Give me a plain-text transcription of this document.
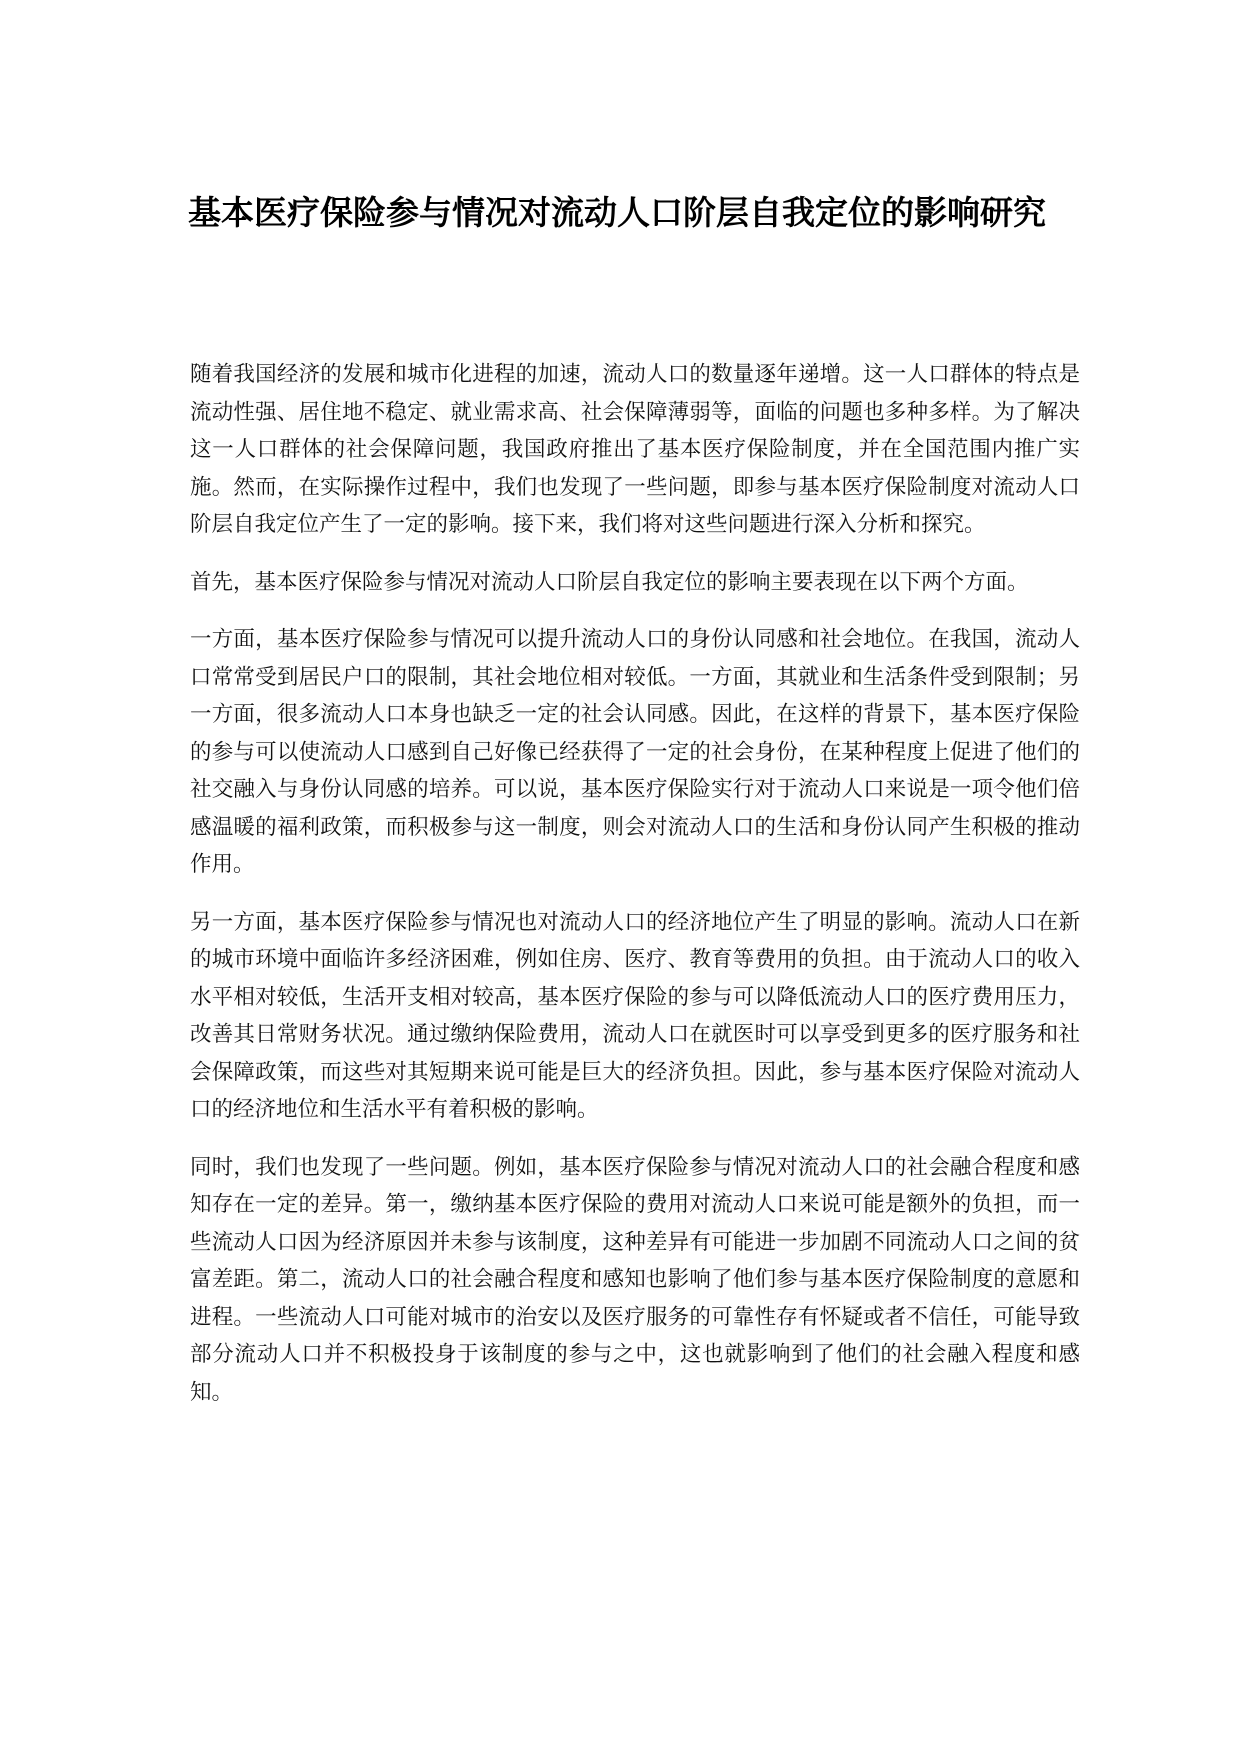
基本医疗保险参与情况对流动人口阶层自我定位的影响研究

随着我国经济的发展和城市化进程的加速，流动人口的数量逐年递增。这一人口群体的特点是流动性强、居住地不稳定、就业需求高、社会保障薄弱等，面临的问题也多种多样。为了解决这一人口群体的社会保障问题，我国政府推出了基本医疗保险制度，并在全国范围内推广实施。然而，在实际操作过程中，我们也发现了一些问题，即参与基本医疗保险制度对流动人口阶层自我定位产生了一定的影响。接下来，我们将对这些问题进行深入分析和探究。

首先，基本医疗保险参与情况对流动人口阶层自我定位的影响主要表现在以下两个方面。

一方面，基本医疗保险参与情况可以提升流动人口的身份认同感和社会地位。在我国，流动人口常常受到居民户口的限制，其社会地位相对较低。一方面，其就业和生活条件受到限制；另一方面，很多流动人口本身也缺乏一定的社会认同感。因此，在这样的背景下，基本医疗保险的参与可以使流动人口感到自己好像已经获得了一定的社会身份，在某种程度上促进了他们的社交融入与身份认同感的培养。可以说，基本医疗保险实行对于流动人口来说是一项令他们倍感温暖的福利政策，而积极参与这一制度，则会对流动人口的生活和身份认同产生积极的推动作用。

另一方面，基本医疗保险参与情况也对流动人口的经济地位产生了明显的影响。流动人口在新的城市环境中面临许多经济困难，例如住房、医疗、教育等费用的负担。由于流动人口的收入水平相对较低，生活开支相对较高，基本医疗保险的参与可以降低流动人口的医疗费用压力，改善其日常财务状况。通过缴纳保险费用，流动人口在就医时可以享受到更多的医疗服务和社会保障政策，而这些对其短期来说可能是巨大的经济负担。因此，参与基本医疗保险对流动人口的经济地位和生活水平有着积极的影响。

同时，我们也发现了一些问题。例如，基本医疗保险参与情况对流动人口的社会融合程度和感知存在一定的差异。第一，缴纳基本医疗保险的费用对流动人口来说可能是额外的负担，而一些流动人口因为经济原因并未参与该制度，这种差异有可能进一步加剧不同流动人口之间的贫富差距。第二，流动人口的社会融合程度和感知也影响了他们参与基本医疗保险制度的意愿和进程。一些流动人口可能对城市的治安以及医疗服务的可靠性存有怀疑或者不信任，可能导致部分流动人口并不积极投身于该制度的参与之中，这也就影响到了他们的社会融入程度和感知。
